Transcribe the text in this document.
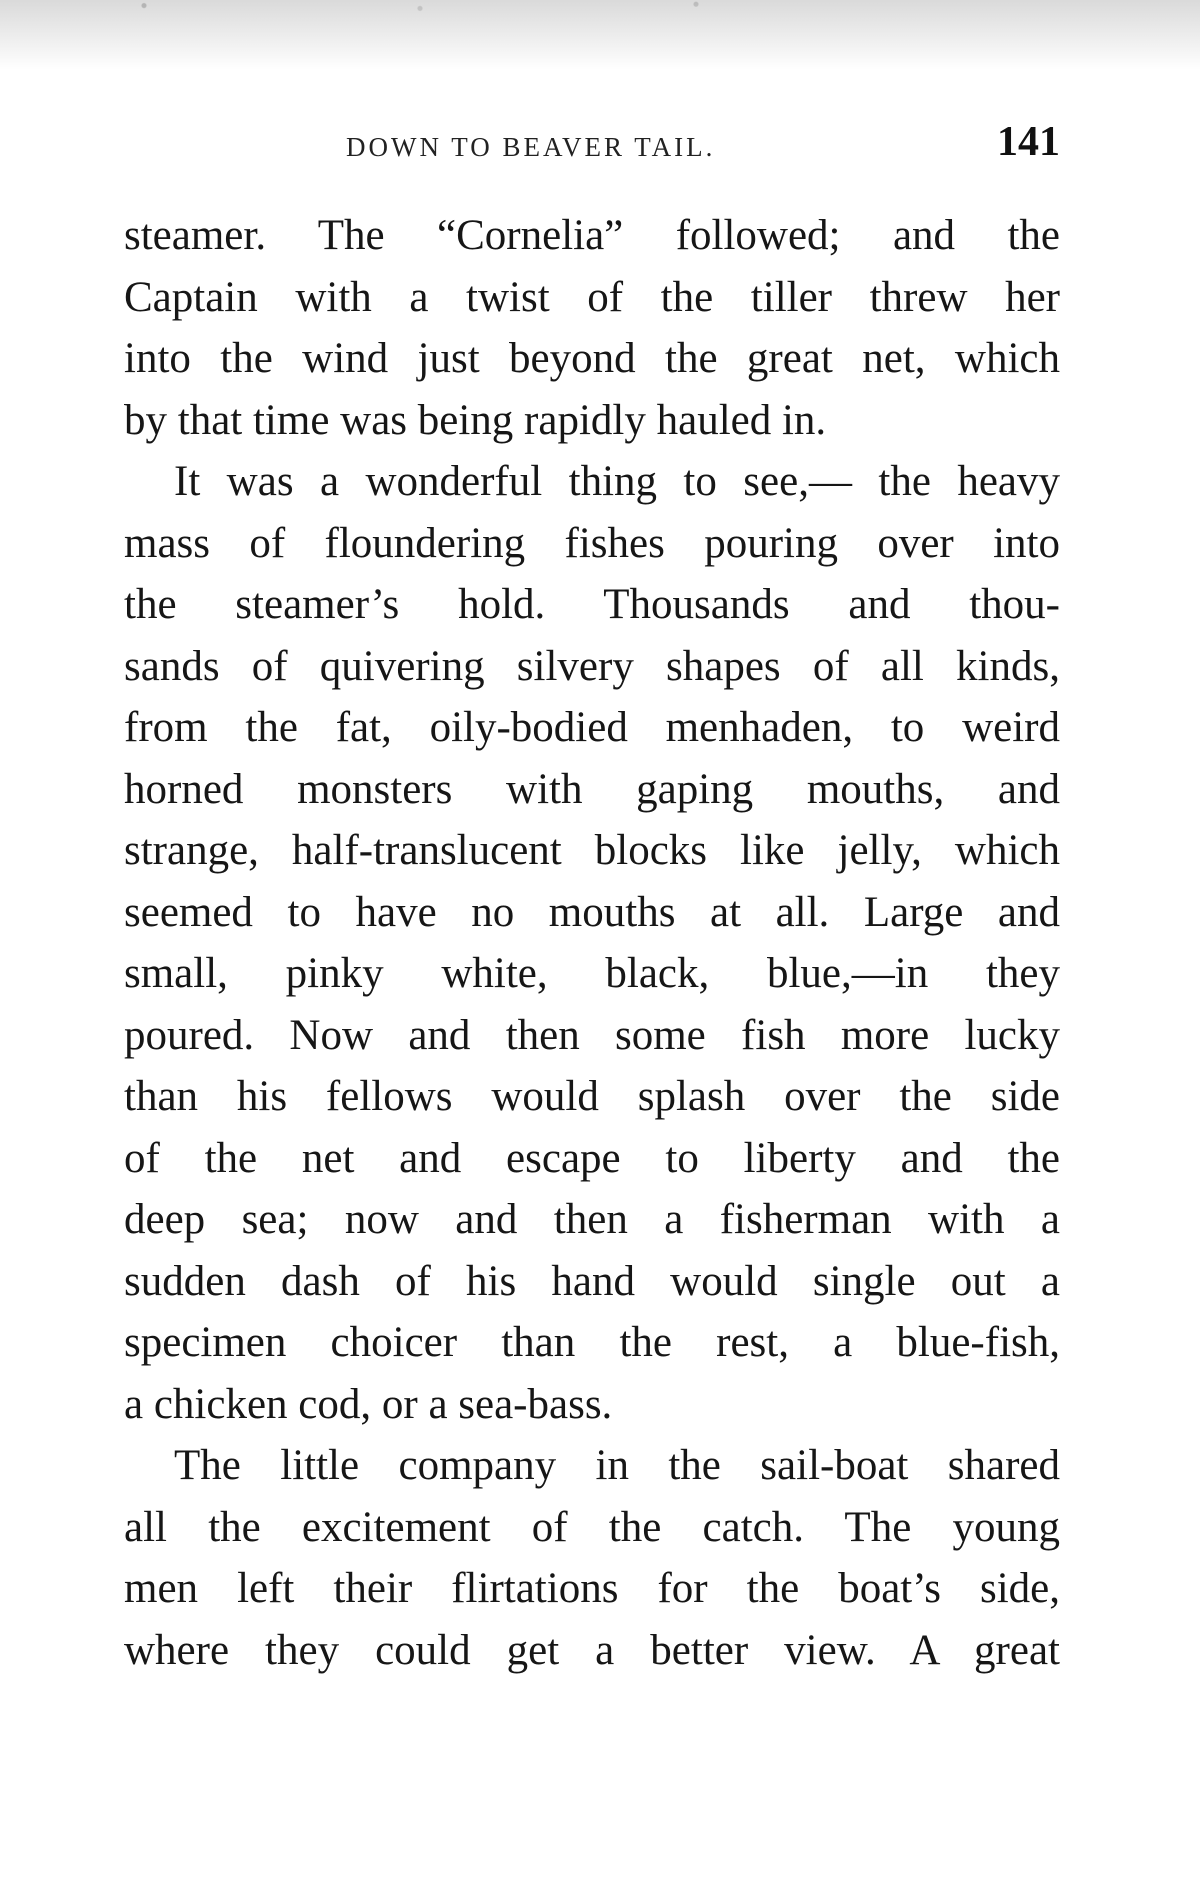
DOWN TO BEAVER TAIL.	141

steamer. The “Cornelia” followed; and the
Captain with a twist of the tiller threw her
into the wind just beyond the great net, which
by that time was being rapidly hauled in.

It was a wonderful thing to see,— the heavy
mass of floundering fishes pouring over into
the steamer’s hold. Thousands and thou-
sands of quivering silvery shapes of all kinds,
from the fat, oily-bodied menhaden, to weird
horned monsters with gaping mouths, and
strange, half-translucent blocks like jelly, which
seemed to have no mouths at all. Large and
small, pinky white, black, blue,—in they
poured. Now and then some fish more lucky
than his fellows would splash over the side
of the net and escape to liberty and the
deep sea; now and then a fisherman with a
sudden dash of his hand would single out a
specimen choicer than the rest, a blue-fish,
a chicken cod, or a sea-bass.

The little company in the sail-boat shared
all the excitement of the catch. The young
men left their flirtations for the boat’s side,
where they could get a better view. A great
